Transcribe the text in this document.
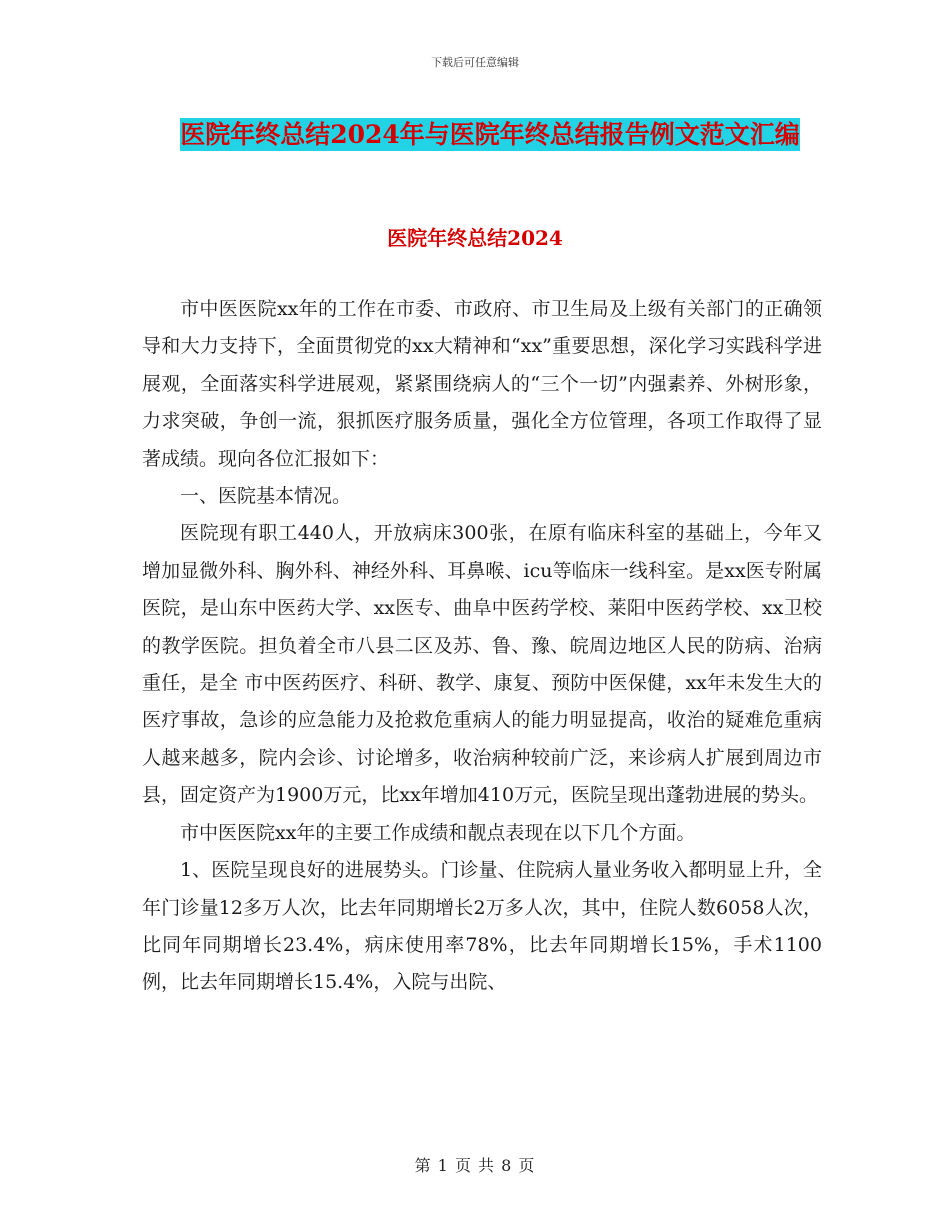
下载后可任意编辑
医院年终总结2024年与医院年终总结报告例文范文汇编
医院年终总结2024

市中医医院xx年的工作在市委、市政府、市卫生局及上级有关部门的正确领导和大力支持下，全面贯彻党的xx大精神和“xx”重要思想，深化学习实践科学进展观，全面落实科学进展观，紧紧围绕病人的“三个一切”内强素养、外树形象，力求突破，争创一流，狠抓医疗服务质量，强化全方位管理，各项工作取得了显著成绩。现向各位汇报如下：

一、医院基本情况。

医院现有职工440人，开放病床300张，在原有临床科室的基础上，今年又增加显微外科、胸外科、神经外科、耳鼻喉、icu等临床一线科室。是xx医专附属医院，是山东中医药大学、xx医专、曲阜中医药学校、莱阳中医药学校、xx卫校的教学医院。担负着全市八县二区及苏、鲁、豫、皖周边地区人民的防病、治病重任，是全 市中医药医疗、科研、教学、康复、预防中医保健，xx年未发生大的医疗事故，急诊的应急能力及抢救危重病人的能力明显提高，收治的疑难危重病人越来越多，院内会诊、讨论增多，收治病种较前广泛，来诊病人扩展到周边市县，固定资产为1900万元，比xx年增加410万元，医院呈现出蓬勃进展的势头。

市中医医院xx年的主要工作成绩和靓点表现在以下几个方面。

1、医院呈现良好的进展势头。门诊量、住院病人量业务收入都明显上升，全年门诊量12多万人次，比去年同期增长2万多人次，其中，住院人数6058人次，比同年同期增长23.4%，病床使用率78%，比去年同期增长15%，手术1100例，比去年同期增长15.4%，入院与出院、

第 1 页 共 8 页
